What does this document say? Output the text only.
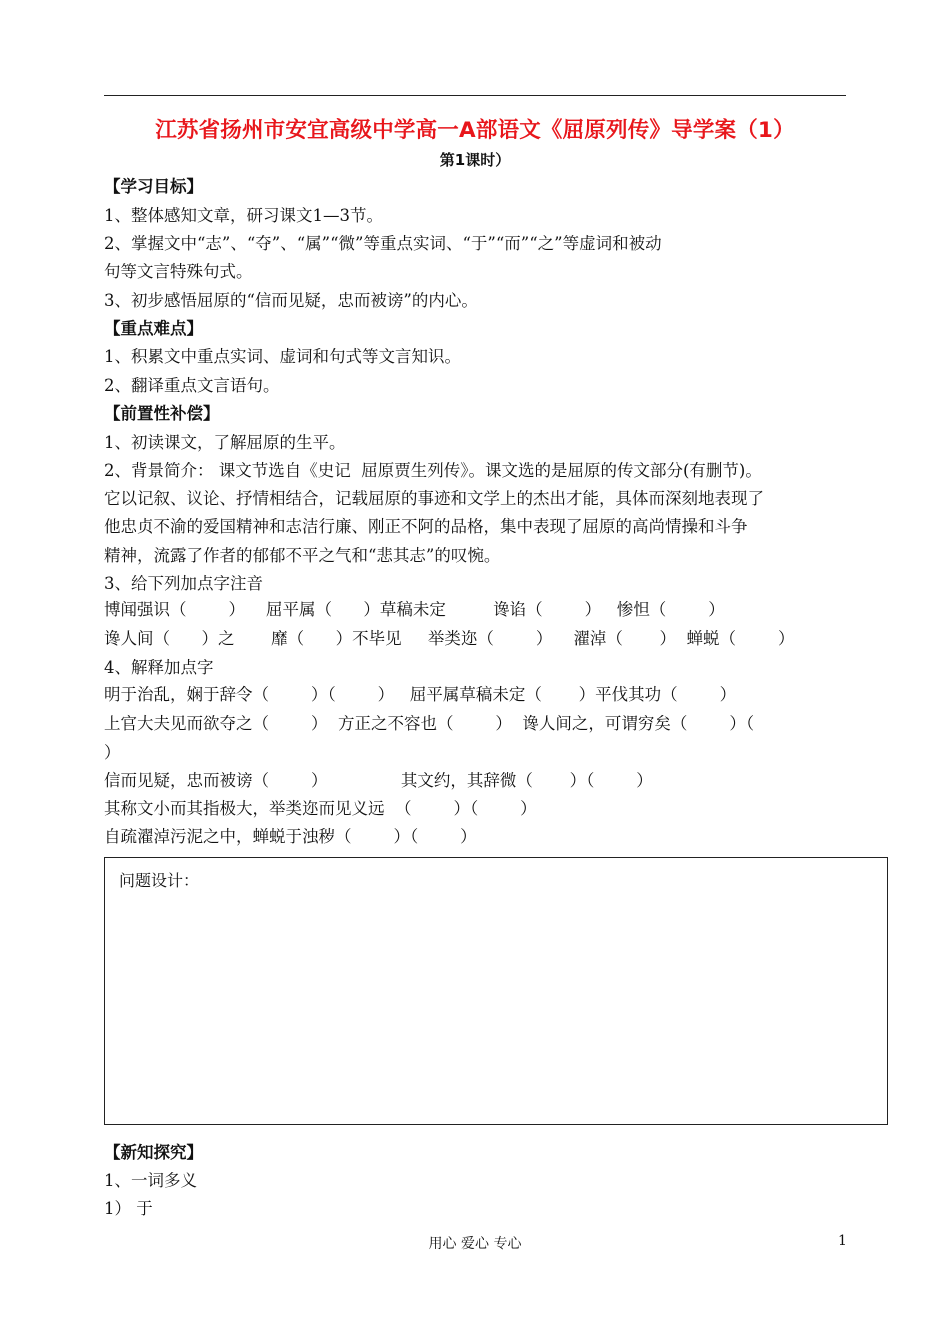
江苏省扬州市安宜高级中学高一A部语文《屈原列传》导学案（1）
第1课时）
【学习目标】
1、整体感知文章，研习课文1—3节。
2、掌握文中“志”、“夺”、“属”“微”等重点实词、“于”“而”“之”等虚词和被动
句等文言特殊句式。
3、初步感悟屈原的“信而见疑，忠而被谤”的内心。
【重点难点】
1、积累文中重点实词、虚词和句式等文言知识。
2、翻译重点文言语句。
【前置性补偿】
1、初读课文，了解屈原的生平。
2、背景简介： 课文节选自《史记  屈原贾生列传》。课文选的是屈原的传文部分(有删节)。
它以记叙、议论、抒情相结合，记载屈原的事迹和文学上的杰出才能，具体而深刻地表现了
他忠贞不渝的爱国精神和志洁行廉、刚正不阿的品格，集中表现了屈原的高尚情操和斗争
精神，流露了作者的郁郁不平之气和“悲其志”的叹惋。
3、给下列加点字注音
博闻强识（        ）    屈平属（      ）草稿未定         谗谄（        ）   惨怛（        ）
谗人间（      ）之       靡（      ）不毕见     举类迩（        ）    濯淖（       ）  蝉蜕（        ）
4、解释加点字
明于治乱，娴于辞令（        ）（        ）   屈平属草稿未定（       ）平伐其功（        ）
上官大夫见而欲夺之（        ）  方正之不容也（        ）  谗人间之，可谓穷矣（        ）（
）
信而见疑，忠而被谤（        ）              其文约，其辞微（       ）（        ）
其称文小而其指极大，举类迩而见义远  （        ）（        ）
自疏濯淖污泥之中，蝉蜕于浊秽（        ）（        ）
问题设计：
【新知探究】
1、一词多义
1） 于
用心 爱心 专心	1
